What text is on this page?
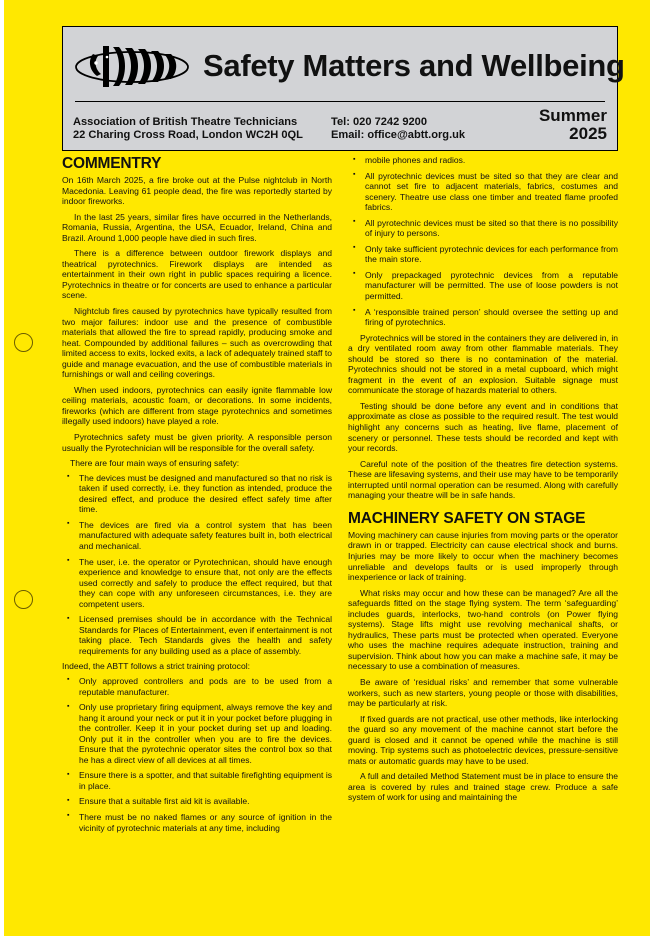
Safety Matters and Wellbeing
Association of British Theatre Technicians
22 Charing Cross Road, London WC2H 0QL
Tel: 020 7242 9200
Email: office@abtt.org.uk
Summer 2025
COMMENTRY

On 16th March 2025, a fire broke out at the Pulse nightclub in North Macedonia. Leaving 61 people dead, the fire was reportedly started by indoor fireworks.

In the last 25 years, similar fires have occurred in the Netherlands, Romania, Russia, Argentina, the USA, Ecuador, Ireland, China and Brazil. Around 1,000 people have died in such fires.

There is a difference between outdoor firework displays and theatrical pyrotechnics. Firework displays are intended as entertainment in their own right in public spaces requiring a licence. Pyrotechnics in theatre or for concerts are used to enhance a particular scene.

Nightclub fires caused by pyrotechnics have typically resulted from two major failures: indoor use and the presence of combustible materials that allowed the fire to spread rapidly, producing smoke and heat. Compounded by additional failures – such as overcrowding that limited access to exits, locked exits, a lack of adequately trained staff to guide and manage evacuation, and the use of combustible materials in furnishings or wall and ceiling coverings.

When used indoors, pyrotechnics can easily ignite flammable low ceiling materials, acoustic foam, or decorations. In some incidents, fireworks (which are different from stage pyrotechnics and sometimes illegally used indoors) have played a role.

Pyrotechnics safety must be given priority. A responsible person usually the Pyrotechnician will be responsible for the overall safety.

There are four main ways of ensuring safety:

▪ The devices must be designed and manufactured so that no risk is taken if used correctly, i.e. they function as intended, produce the desired effect, and produce the desired effect safely time after time.
▪ The devices are fired via a control system that has been manufactured with adequate safety features built in, both electrical and mechanical.
▪ The user, i.e. the operator or Pyrotechnican, should have enough experience and knowledge to ensure that, not only are the effects used correctly and safely to produce the effect required, but that they can cope with any unforeseen circumstances, i.e. they are competent users.
▪ Licensed premises should be in accordance with the Technical Standards for Places of Entertainment, even if entertainment is not taking place. Tech Standards gives the health and safety requirements for any building used as a place of assembly.

Indeed, the ABTT follows a strict training protocol:

▪ Only approved controllers and pods are to be used from a reputable manufacturer.
▪ Only use proprietary firing equipment, always remove the key and hang it around your neck or put it in your pocket before plugging in the controller. Keep it in your pocket during set up and loading. Only put it in the controller when you are to fire the devices. Ensure that the pyrotechnic operator sites the control box so that he has a direct view of all devices at all times.
▪ Ensure there is a spotter, and that suitable firefighting equipment is in place.
▪ Ensure that a suitable first aid kit is available.
▪ There must be no naked flames or any source of ignition in the vicinity of pyrotechnic materials at any time, including
▪ mobile phones and radios.
▪ All pyrotechnic devices must be sited so that they are clear and cannot set fire to adjacent materials, fabrics, costumes and scenery. Theatre use class one timber and treated flame proofed fabrics.
▪ All pyrotechnic devices must be sited so that there is no possibility of injury to persons.
▪ Only take sufficient pyrotechnic devices for each performance from the main store.
▪ Only prepackaged pyrotechnic devices from a reputable manufacturer will be permitted. The use of loose powders is not permitted.
▪ A ‘responsible trained person’ should oversee the setting up and firing of pyrotechnics.

Pyrotechnics will be stored in the containers they are delivered in, in a dry ventilated room away from other flammable materials. They should be stored so there is no contamination of the material. Pyrotechnics should not be stored in a metal cupboard, which might fragment in the event of an explosion. Suitable signage must communicate the storage of hazards material to others.

Testing should be done before any event and in conditions that approximate as close as possible to the required result. The test would highlight any concerns such as heating, live flame, placement of scenery or personnel. These tests should be recorded and kept with your records.

Careful note of the position of the theatres fire detection systems. These are lifesaving systems, and their use may have to be temporarily interrupted until normal operation can be resumed. Along with carefully managing your theatre will be in safe hands.

MACHINERY SAFETY ON STAGE

Moving machinery can cause injuries from moving parts or the operator drawn in or trapped. Electricity can cause electrical shock and burns. Injuries may be more likely to occur when the machinery becomes unreliable and develops faults or is used improperly through inexperience or lack of training.

What risks may occur and how these can be managed? Are all the safeguards fitted on the stage flying system. The term ‘safeguarding’ includes guards, interlocks, two-hand controls (on Power flying systems). Stage lifts might use revolving mechanical shafts, or hydraulics, These parts must be protected when operated. Everyone who uses the machine requires adequate instruction, training and supervision. Think about how you can make a machine safe, it may be necessary to use a combination of measures.

Be aware of ‘residual risks’ and remember that some vulnerable workers, such as new starters, young people or those with disabilities, may be particularly at risk.

If fixed guards are not practical, use other methods, like interlocking the guard so any movement of the machine cannot start before the guard is closed and it cannot be opened while the machine is still moving. Trip systems such as photoelectric devices, pressure-sensitive mats or automatic guards may have to be used.

A full and detailed Method Statement must be in place to ensure the area is covered by rules and trained stage crew. Produce a safe system of work for using and maintaining the
